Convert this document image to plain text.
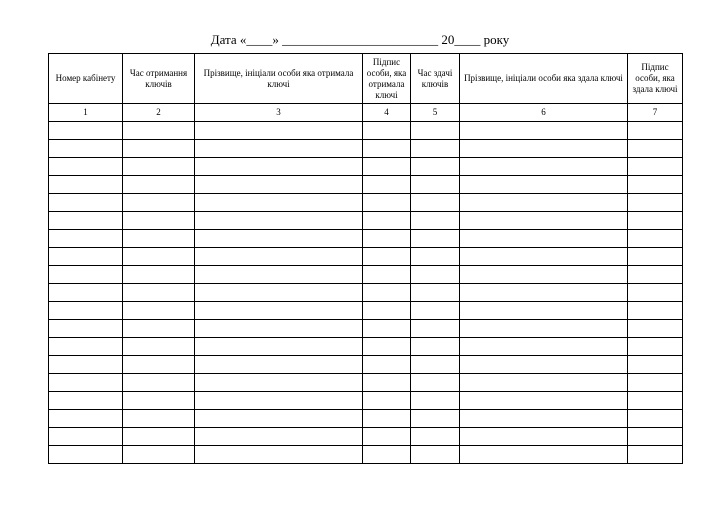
Дата «____» ________________________ 20____ року
Номер кабінету	Час отримання ключів	Прізвище, ініціали особи яка отримала ключі	Підпис особи, яка отримала ключі	Час здачі ключів	Прізвище, ініціали особи яка здала ключі	Підпис особи, яка здала ключі
1	2	3	4	5	6	7
